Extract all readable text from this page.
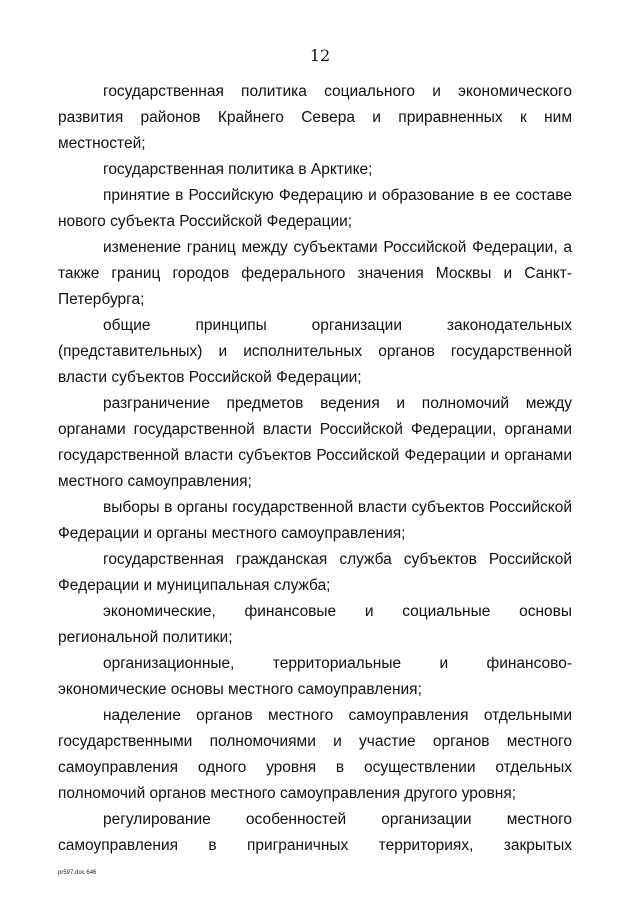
12

государственная политика социального и экономического развития районов Крайнего Севера и приравненных к ним местностей;

государственная политика в Арктике;

принятие в Российскую Федерацию и образование в ее составе нового субъекта Российской Федерации;

изменение границ между субъектами Российской Федерации, а также границ городов федерального значения Москвы и Санкт-Петербурга;

общие принципы организации законодательных (представительных) и исполнительных органов государственной власти субъектов Российской Федерации;

разграничение предметов ведения и полномочий между органами государственной власти Российской Федерации, органами государственной власти субъектов Российской Федерации и органами местного самоуправления;

выборы в органы государственной власти субъектов Российской Федерации и органы местного самоуправления;

государственная гражданская служба субъектов Российской Федерации и муниципальная служба;

экономические, финансовые и социальные основы региональной политики;

организационные, территориальные и финансово-экономические основы местного самоуправления;

наделение органов местного самоуправления отдельными государственными полномочиями и участие органов местного самоуправления одного уровня в осуществлении отдельных полномочий органов местного самоуправления другого уровня;

регулирование особенностей организации местного самоуправления в приграничных территориях, закрытых

pr597.doc 646
